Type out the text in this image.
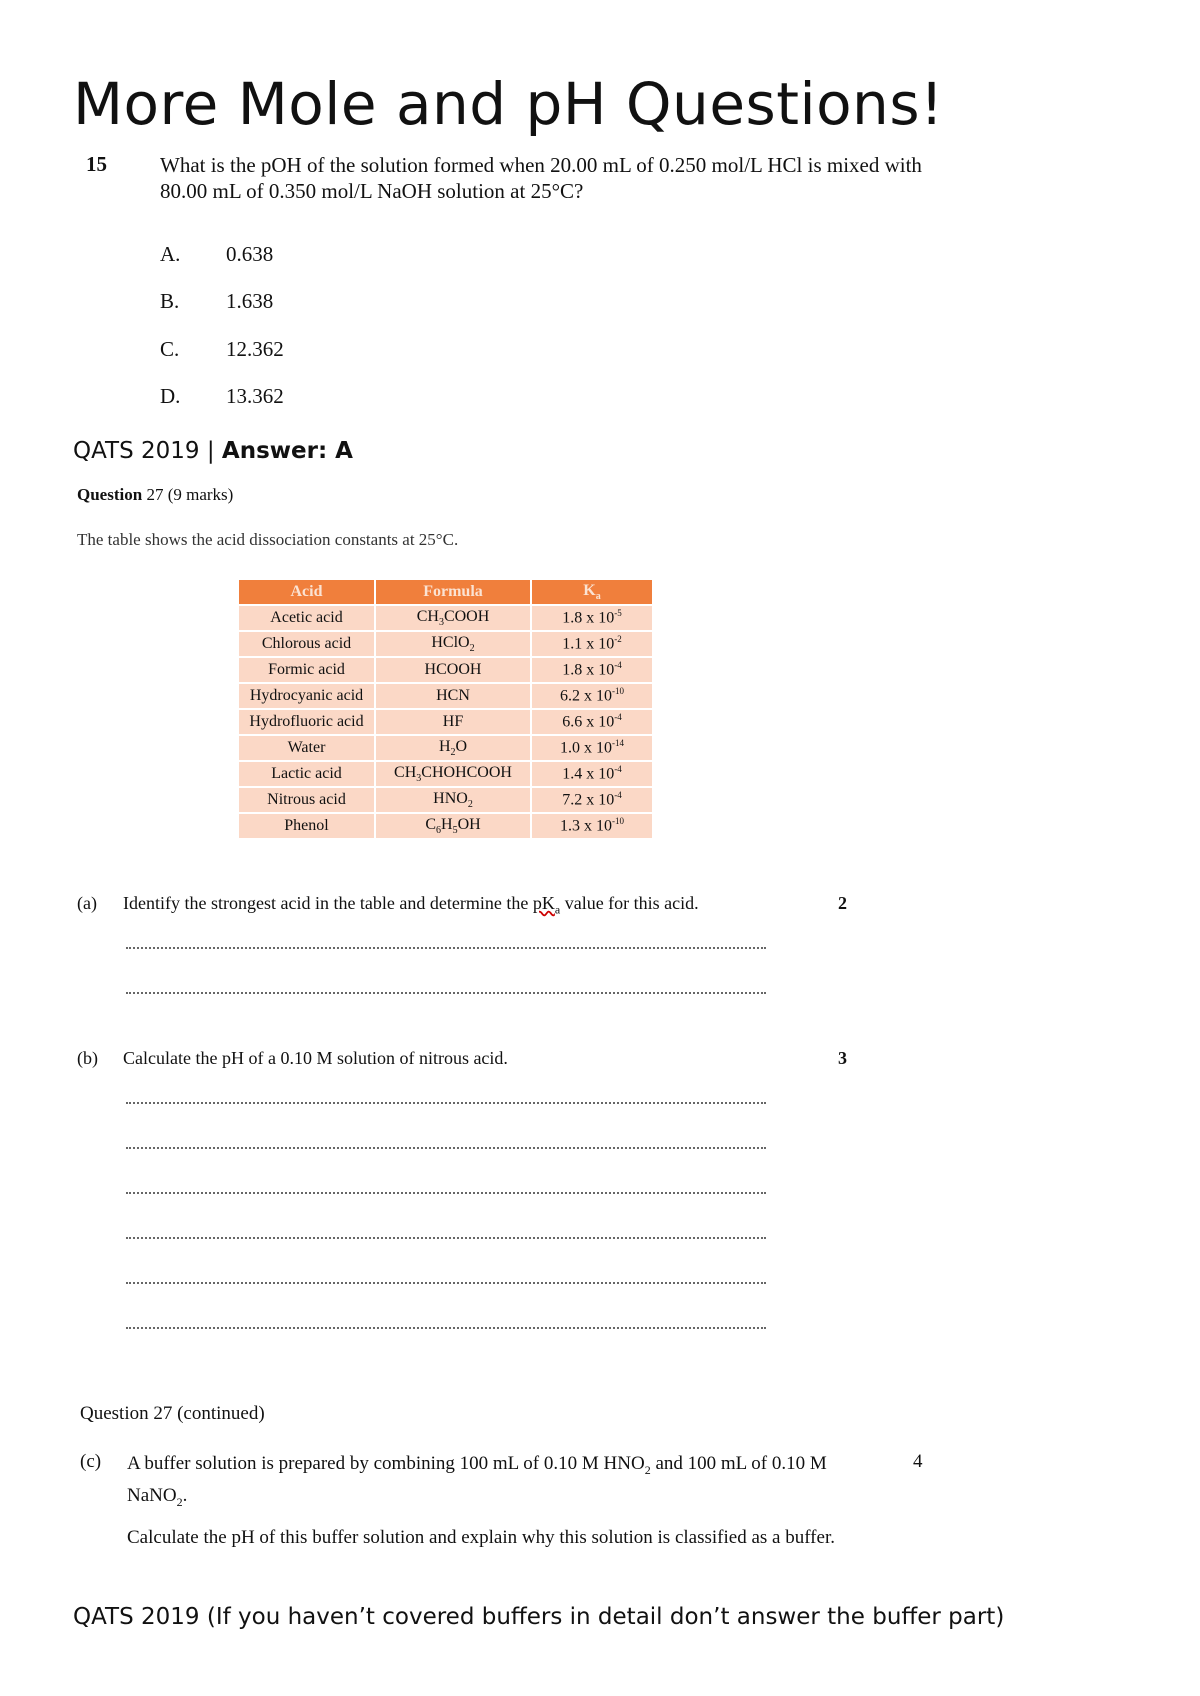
More Mole and pH Questions!
15	What is the pOH of the solution formed when 20.00 mL of 0.250 mol/L HCl is mixed with 80.00 mL of 0.350 mol/L NaOH solution at 25°C?
A. 0.638
B. 1.638
C. 12.362
D. 13.362
QATS 2019 | Answer: A
Question 27 (9 marks)
The table shows the acid dissociation constants at 25°C.
Acid	Formula	$K_a$
Acetic acid	$CH_3COOH$	1.8 x $10^{-5}$
Chlorous acid	HClO$_2$	1.1 x $10^{-2}$
Formic acid	HCOOH	1.8 x $10^{-4}$
Hydrocyanic acid	HCN	6.2 x $10^{-10}$
Hydrofluoric acid	HF	6.6 x $10^{-4}$
Water	$H_2O$	1.0 x $10^{-14}$
Lactic acid	$CH_3CHOHCOOH$	1.4 x $10^{-4}$
Nitrous acid	$HNO_2$	7.2 x $10^{-4}$
Phenol	$C_6H_5OH$	1.3 x $10^{-10}$
(a) Identify the strongest acid in the table and determine the $pK_a$ value for this acid.	2
(b) Calculate the pH of a 0.10 M solution of nitrous acid.	3
Question 27 (continued)
(c) A buffer solution is prepared by combining 100 mL of 0.10 M $HNO_2$ and 100 mL of 0.10 M NaNO$_2$.
4
Calculate the pH of this buffer solution and explain why this solution is classified as a buffer.
QATS 2019 (If you haven’t covered buffers in detail don’t answer the buffer part)
